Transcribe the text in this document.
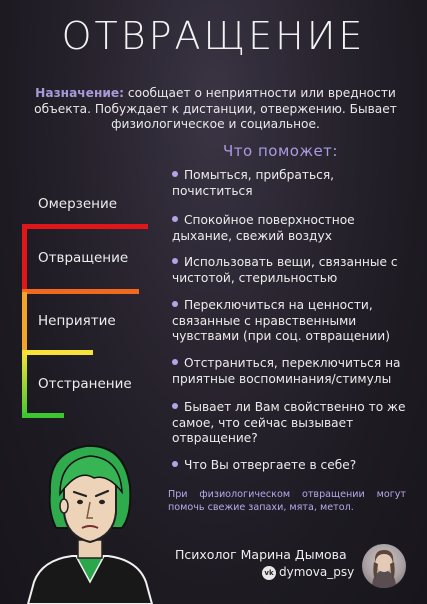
ОТВРАЩЕНИЕ
Назначение: сообщает о неприятности или вредности объекта. Побуждает к дистанции, отвержению. Бывает физиологическое и социальное.
Что поможет:
Помыться, прибраться, почиститься
Спокойное поверхностное дыхание, свежий воздух
Использовать вещи, связанные с чистотой, стерильностью
Переключиться на ценности, связанные с нравственными чувствами (при соц. отвращении)
Отстраниться, переключиться на приятные воспоминания/стимулы
Бывает ли Вам свойственно то же самое, что сейчас вызывает отвращение?
Что Вы отвергаете в себе?
Омерзение
Отвращение
Неприятие
Отстранение
При физиологическом отвращении могут помочь свежие запахи, мята, метол.
Психолог Марина Дымова
vk dymova_psy
